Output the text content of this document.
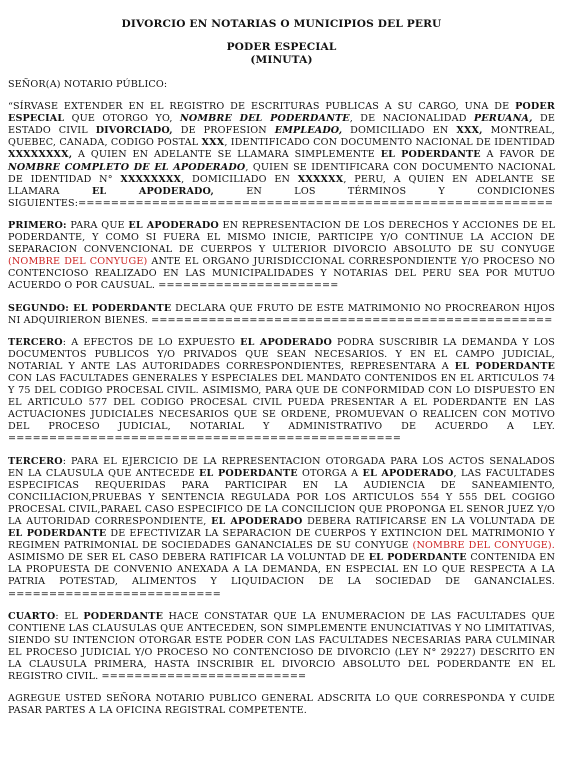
DIVORCIO EN NOTARIAS O MUNICIPIOS DEL PERU

PODER ESPECIAL

(MINUTA)

SEÑOR(A) NOTARIO PÚBLICO:

“SÍRVASE EXTENDER EN EL REGISTRO DE ESCRITURAS PUBLICAS A SU CARGO, UNA DE PODER ESPECIAL QUE OTORGO YO, NOMBRE DEL PODERDANTE, DE NACIONALIDAD PERUANA, DE ESTADO CIVIL DIVORCIADO, DE PROFESION EMPLEADO, DOMICILIADO EN XXX, MONTREAL, QUEBEC, CANADA, CODIGO POSTAL XXX, IDENTIFICADO CON DOCUMENTO NACIONAL DE IDENTIDAD XXXXXXXX, A QUIEN EN ADELANTE SE LLAMARA SIMPLEMENTE EL PODERDANTE A FAVOR DE NOMBRE COMPLETO DE EL APODERADO, QUIEN SE IDENTIFICARA CON DOCUMENTO NACIONAL DE IDENTIDAD N° XXXXXXXX, DOMICILIADO EN XXXXXX, PERU, A QUIEN EN ADELANTE SE LLAMARA EL APODERADO, EN LOS TÉRMINOS Y CONDICIONES SIGUIENTES:==========================================================

PRIMERO: PARA QUE EL APODERADO EN REPRESENTACION DE LOS DERECHOS Y ACCIONES DE EL PODERDANTE, Y COMO SI FUERA EL MISMO INICIE, PARTICIPE Y/O CONTINUE LA ACCION DE SEPARACION CONVENCIONAL DE CUERPOS Y ULTERIOR DIVORCIO ABSOLUTO DE SU CONYUGE (NOMBRE DEL CONYUGE) ANTE EL ORGANO JURISDICCIONAL CORRESPONDIENTE Y/O PROCESO NO CONTENCIOSO REALIZADO EN LAS MUNICIPALIDADES Y NOTARIAS DEL PERU SEA POR MUTUO ACUERDO O POR CAUSUAL. ======================

SEGUNDO: EL PODERDANTE DECLARA QUE FRUTO DE ESTE MATRIMONIO NO PROCREARON HIJOS NI ADQUIRIERON BIENES. =================================================

TERCERO: A EFECTOS DE LO EXPUESTO EL APODERADO PODRA SUSCRIBIR LA DEMANDA Y LOS DOCUMENTOS PUBLICOS Y/O PRIVADOS QUE SEAN NECESARIOS. Y EN EL CAMPO JUDICIAL, NOTARIAL Y ANTE LAS AUTORIDADES CORRESPONDIENTES, REPRESENTARA A EL PODERDANTE CON LAS FACULTADES GENERALES Y ESPECIALES DEL MANDATO CONTENIDOS EN EL ARTICULOS 74 Y 75 DEL CODIGO PROCESAL CIVIL. ASIMISMO, PARA QUE DE CONFORMIDAD CON LO DISPUESTO EN EL ARTICULO 577 DEL CODIGO PROCESAL CIVIL PUEDA PRESENTAR A EL PODERDANTE EN LAS ACTUACIONES JUDICIALES NECESARIOS QUE SE ORDENE, PROMUEVAN O REALICEN CON MOTIVO DEL PROCESO JUDICIAL, NOTARIAL Y ADMINISTRATIVO DE ACUERDO A LEY. ================================================

TERCERO: PARA EL EJERCICIO DE LA REPRESENTACION OTORGADA PARA LOS ACTOS SENALADOS EN LA CLAUSULA QUE ANTECEDE EL PODERDANTE OTORGA A EL APODERADO, LAS FACULTADES ESPECIFICAS REQUERIDAS PARA PARTICIPAR EN LA AUDIENCIA DE SANEAMIENTO, CONCILIACION,PRUEBAS Y SENTENCIA REGULADA POR LOS ARTICULOS 554 Y 555 DEL COGIGO PROCESAL CIVIL,PARAEL CASO ESPECIFICO DE LA CONCILICION QUE PROPONGA EL SENOR JUEZ Y/O LA AUTORIDAD CORRESPONDIENTE, EL APODERADO DEBERA RATIFICARSE EN LA VOLUNTADA DE EL PODERDANTE DE EFECTIVIZAR LA SEPARACION DE CUERPOS Y EXTINCION DEL MATRIMONIO Y REGIMEN PATRIMONIAL DE SOCIEDADES GANANCIALES DE SU CONYUGE (NOMBRE DEL CONYUGE). ASIMISMO DE SER EL CASO DEBERA RATIFICAR LA VOLUNTAD DE EL PODERDANTE CONTENIDA EN LA PROPUESTA DE CONVENIO ANEXADA A LA DEMANDA, EN ESPECIAL EN LO QUE RESPECTA A LA PATRIA POTESTAD, ALIMENTOS Y LIQUIDACION DE LA SOCIEDAD DE GANANCIALES. ==========================

CUARTO: EL PODERDANTE HACE CONSTATAR QUE LA ENUMERACION DE LAS FACULTADES QUE CONTIENE LAS CLAUSULAS QUE ANTECEDEN, SON SIMPLEMENTE ENUNCIATIVAS Y NO LIMITATIVAS, SIENDO SU INTENCION OTORGAR ESTE PODER CON LAS FACULTADES NECESARIAS PARA CULMINAR EL PROCESO JUDICIAL Y/O PROCESO NO CONTENCIOSO DE DIVORCIO (LEY N° 29227) DESCRITO EN LA CLAUSULA PRIMERA, HASTA INSCRIBIR EL DIVORCIO ABSOLUTO DEL PODERDANTE EN EL REGISTRO CIVIL. =========================

AGREGUE USTED SEÑORA NOTARIO PUBLICO GENERAL ADSCRITA LO QUE CORRESPONDA Y CUIDE PASAR PARTES A LA OFICINA REGISTRAL COMPETENTE.
